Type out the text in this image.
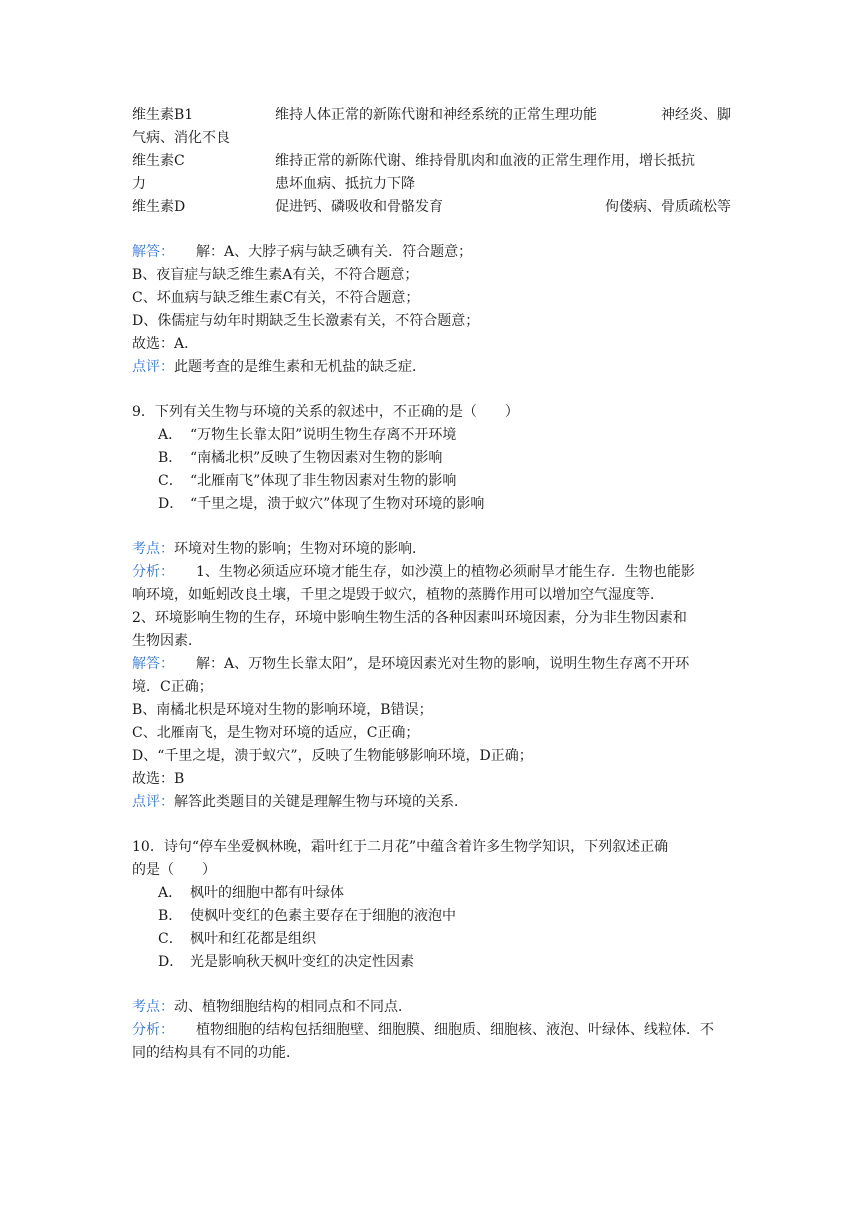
维生素B1	维持人体正常的新陈代谢和神经系统的正常生理功能	神经炎、脚
气病、消化不良
维生素C	维持正常的新陈代谢、维持骨肌肉和血液的正常生理作用，增长抵抗
力	患坏血病、抵抗力下降
维生素D	促进钙、磷吸收和骨骼发育	佝偻病、骨质疏松等
解答： 解：A、大脖子病与缺乏碘有关．符合题意；
B、夜盲症与缺乏维生素A有关，不符合题意；
C、坏血病与缺乏维生素C有关，不符合题意；
D、侏儒症与幼年时期缺乏生长激素有关，不符合题意；
故选：A．
点评：此题考查的是维生素和无机盐的缺乏症．
9．下列有关生物与环境的关系的叙述中，不正确的是（　　）
A． “万物生长靠太阳”说明生物生存离不开环境
B． “南橘北枳”反映了生物因素对生物的影响
C． “北雁南飞”体现了非生物因素对生物的影响
D． “千里之堤，溃于蚁穴”体现了生物对环境的影响
考点：环境对生物的影响；生物对环境的影响．
分析： 1、生物必须适应环境才能生存，如沙漠上的植物必须耐旱才能生存．生物也能影
响环境，如蚯蚓改良土壤，千里之堤毁于蚁穴，植物的蒸腾作用可以增加空气湿度等．
2、环境影响生物的生存，环境中影响生物生活的各种因素叫环境因素，分为非生物因素和
生物因素．
解答： 解：A、万物生长靠太阳”，是环境因素光对生物的影响，说明生物生存离不开环
境．C正确；
B、南橘北枳是环境对生物的影响环境，B错误；
C、北雁南飞，是生物对环境的适应，C正确；
D、“千里之堤，溃于蚁穴”，反映了生物能够影响环境，D正确；
故选：B
点评：解答此类题目的关键是理解生物与环境的关系．
10．诗句“停车坐爱枫林晚，霜叶红于二月花”中蕴含着许多生物学知识，下列叙述正确
的是（　　）
A． 枫叶的细胞中都有叶绿体
B． 使枫叶变红的色素主要存在于细胞的液泡中
C． 枫叶和红花都是组织
D． 光是影响秋天枫叶变红的决定性因素
考点：动、植物细胞结构的相同点和不同点．
分析： 植物细胞的结构包括细胞壁、细胞膜、细胞质、细胞核、液泡、叶绿体、线粒体．不
同的结构具有不同的功能．
